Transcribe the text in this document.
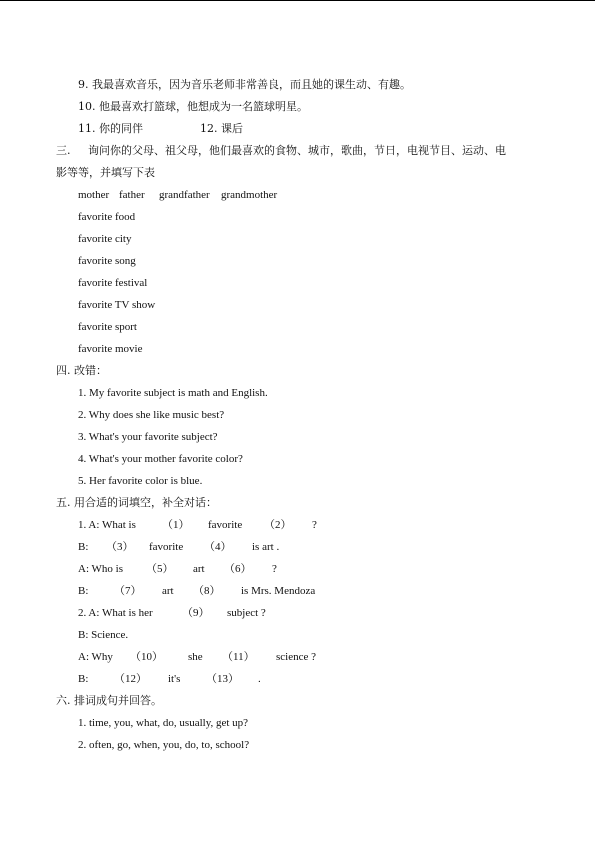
9. 我最喜欢音乐，因为音乐老师非常善良，而且她的课生动、有趣。
10. 他最喜欢打篮球，他想成为一名篮球明星。
11. 你的同伴	12. 课后
三. 询问你的父母、祖父母，他们最喜欢的食物、城市，歌曲，节日，电视节目、运动、电
影等等，并填写下表
mother father grandfather grandmother
favorite food
favorite city
favorite song
favorite festival
favorite TV show
favorite sport
favorite movie
四. 改错：
1. My favorite subject is math and English.
2. Why does she like music best?
3. What's your favorite subject?
4. What's your mother favorite color?
5. Her favorite color is blue.
五. 用合适的词填空，补全对话：
1. A: What is （1） favorite （2） ?
B: （3） favorite （4） is art .
A: Who is （5） art （6） ?
B: （7） art （8） is Mrs. Mendoza
2. A: What is her	（9） subject ?
B: Science.
A: Why （10） she （11） science ?
B: （12） it's （13） .
六. 排词成句并回答。
1. time, you, what, do, usually, get up?
2. often, go, when, you, do, to, school?
